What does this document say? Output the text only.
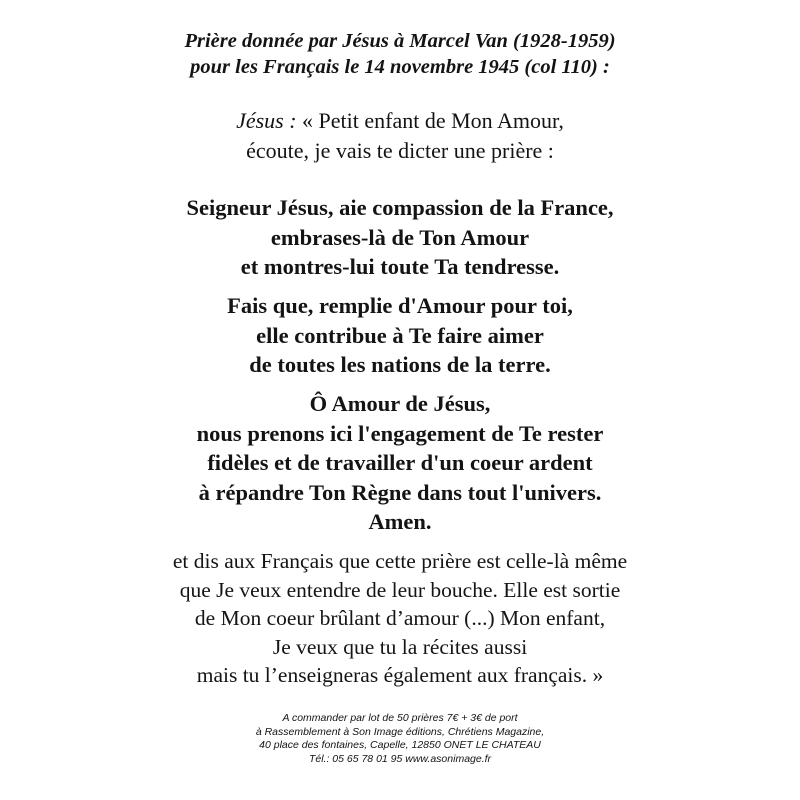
Prière donnée par Jésus à Marcel Van (1928-1959)
pour les Français le 14 novembre 1945 (col 110) :
Jésus : « Petit enfant de Mon Amour,
écoute, je vais te dicter une prière :
Seigneur Jésus, aie compassion de la France,
embrases-là de Ton Amour
et montres-lui toute Ta tendresse.
Fais que, remplie d'Amour pour toi,
elle contribue à Te faire aimer
de toutes les nations de la terre.
Ô Amour de Jésus,
nous prenons ici l'engagement de Te rester
fidèles et de travailler d'un coeur ardent
à répandre Ton Règne dans tout l'univers.
Amen.
et dis aux Français que cette prière est celle-là même
que Je veux entendre de leur bouche. Elle est sortie
de Mon coeur brûlant d’amour (...) Mon enfant,
Je veux que tu la récites aussi
mais tu l’enseigneras également aux français. »
A commander par lot de 50 prières 7€ + 3€ de port
à Rassemblement à Son Image éditions, Chrétiens Magazine,
40 place des fontaines, Capelle, 12850 ONET LE CHATEAU
Tél.: 05 65 78 01 95 www.asonimage.fr
